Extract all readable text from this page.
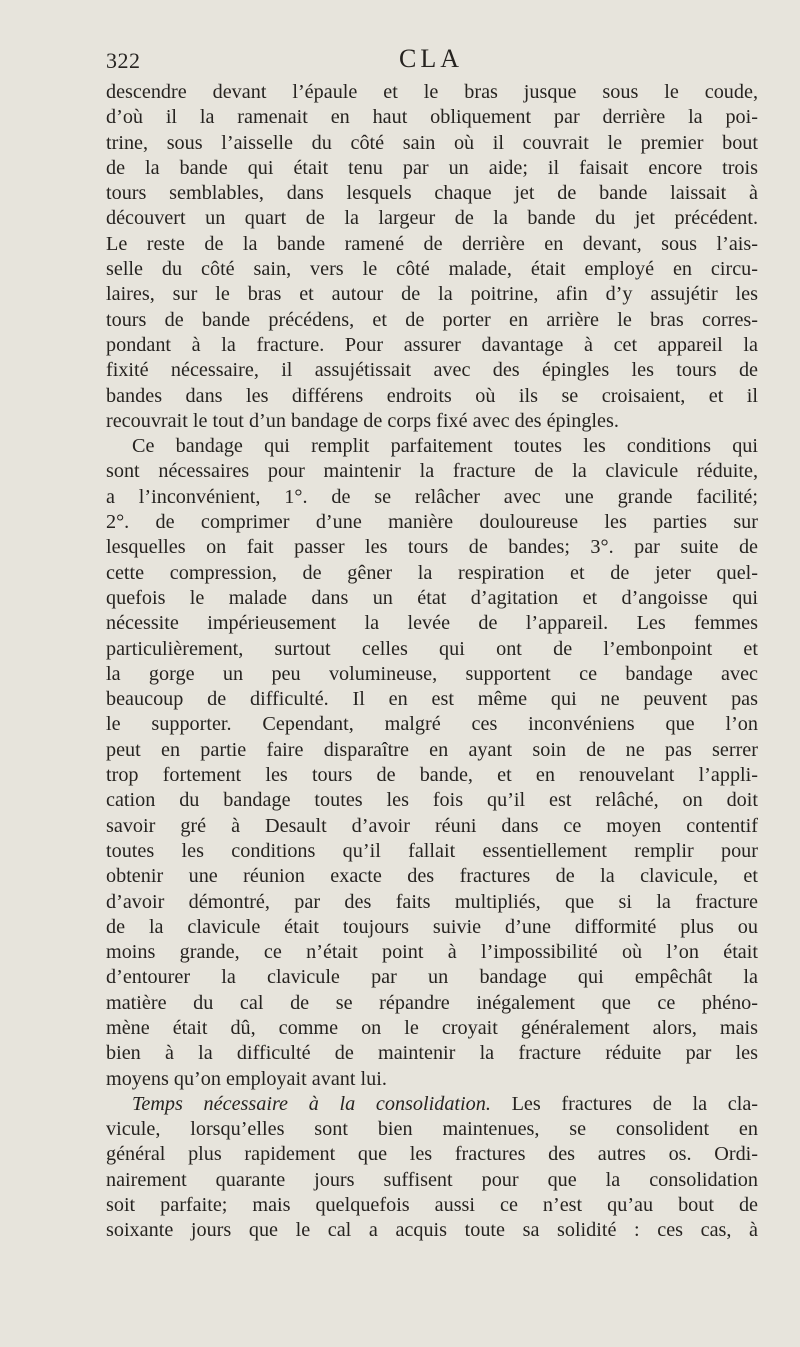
322	CLA
descendre devant l’épaule et le bras jusque sous le coude,
d’où il la ramenait en haut obliquement par derrière la poi-
trine, sous l’aisselle du côté sain où il couvrait le premier bout
de la bande qui était tenu par un aide; il faisait encore trois
tours semblables, dans lesquels chaque jet de bande laissait à
découvert un quart de la largeur de la bande du jet précédent.
Le reste de la bande ramené de derrière en devant, sous l’ais-
selle du côté sain, vers le côté malade, était employé en circu-
laires, sur le bras et autour de la poitrine, afin d’y assujétir les
tours de bande précédens, et de porter en arrière le bras corres-
pondant à la fracture. Pour assurer davantage à cet appareil la
fixité nécessaire, il assujétissait avec des épingles les tours de
bandes dans les différens endroits où ils se croisaient, et il
recouvrait le tout d’un bandage de corps fixé avec des épingles.
Ce bandage qui remplit parfaitement toutes les conditions qui
sont nécessaires pour maintenir la fracture de la clavicule réduite,
a l’inconvénient, 1°. de se relâcher avec une grande facilité;
2°. de comprimer d’une manière douloureuse les parties sur
lesquelles on fait passer les tours de bandes; 3°. par suite de
cette compression, de gêner la respiration et de jeter quel-
quefois le malade dans un état d’agitation et d’angoisse qui
nécessite impérieusement la levée de l’appareil. Les femmes
particulièrement, surtout celles qui ont de l’embonpoint et
la gorge un peu volumineuse, supportent ce bandage avec
beaucoup de difficulté. Il en est même qui ne peuvent pas
le supporter. Cependant, malgré ces inconvéniens que l’on
peut en partie faire disparaître en ayant soin de ne pas serrer
trop fortement les tours de bande, et en renouvelant l’appli-
cation du bandage toutes les fois qu’il est relâché, on doit
savoir gré à Desault d’avoir réuni dans ce moyen contentif
toutes les conditions qu’il fallait essentiellement remplir pour
obtenir une réunion exacte des fractures de la clavicule, et
d’avoir démontré, par des faits multipliés, que si la fracture
de la clavicule était toujours suivie d’une difformité plus ou
moins grande, ce n’était point à l’impossibilité où l’on était
d’entourer la clavicule par un bandage qui empêchât la
matière du cal de se répandre inégalement que ce phéno-
mène était dû, comme on le croyait généralement alors, mais
bien à la difficulté de maintenir la fracture réduite par les
moyens qu’on employait avant lui.
Temps nécessaire à la consolidation. Les fractures de la cla-
vicule, lorsqu’elles sont bien maintenues, se consolident en
général plus rapidement que les fractures des autres os. Ordi-
nairement quarante jours suffisent pour que la consolidation
soit parfaite; mais quelquefois aussi ce n’est qu’au bout de
soixante jours que le cal a acquis toute sa solidité : ces cas, à
